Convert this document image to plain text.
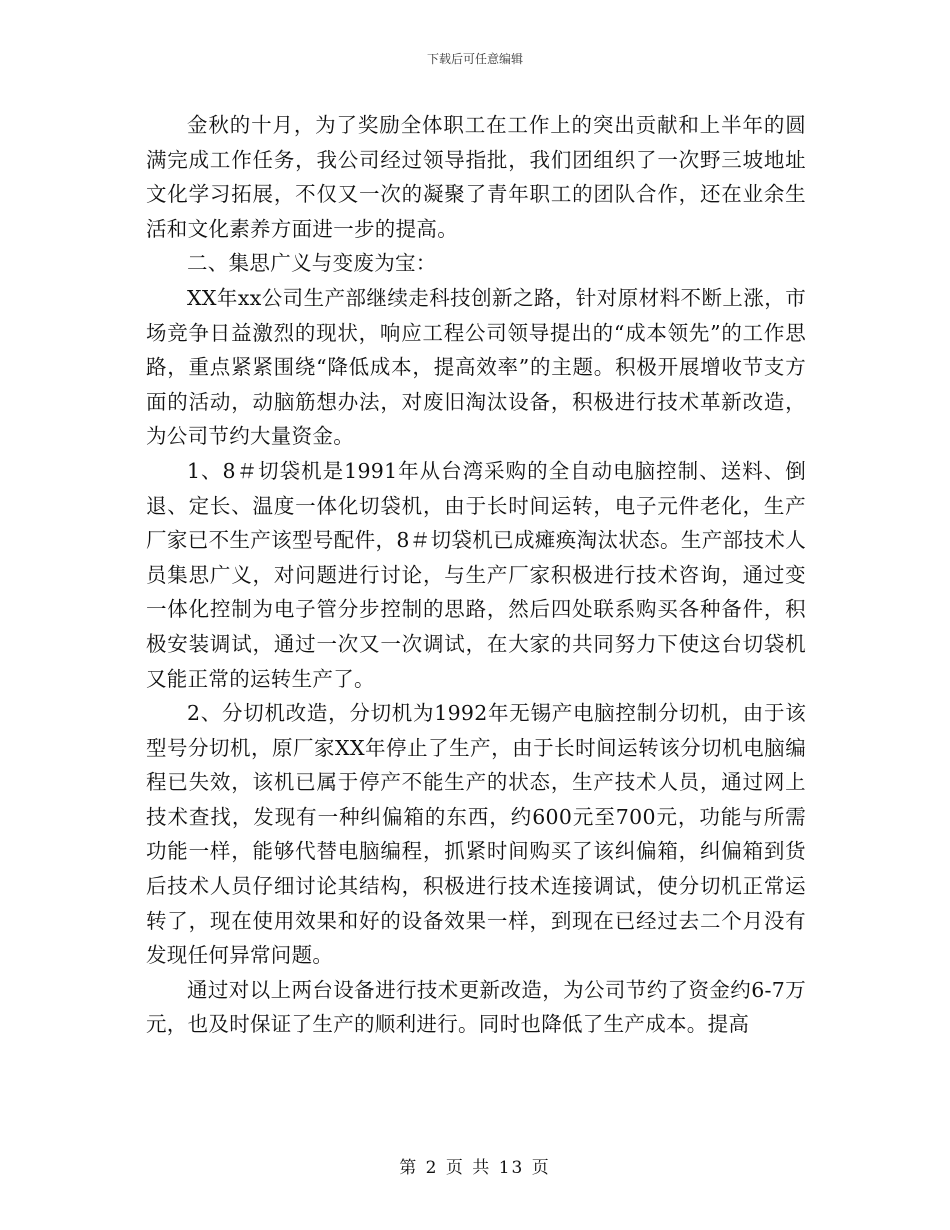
下载后可任意编辑

金秋的十月，为了奖励全体职工在工作上的突出贡献和上半年的圆满完成工作任务，我公司经过领导指批，我们团组织了一次野三坡地址文化学习拓展，不仅又一次的凝聚了青年职工的团队合作，还在业余生活和文化素养方面进一步的提高。

二、集思广义与变废为宝：

XX年xx公司生产部继续走科技创新之路，针对原材料不断上涨，市场竞争日益激烈的现状，响应工程公司领导提出的“成本领先”的工作思路，重点紧紧围绕“降低成本，提高效率”的主题。积极开展增收节支方面的活动，动脑筋想办法，对废旧淘汰设备，积极进行技术革新改造，为公司节约大量资金。

1、8＃切袋机是1991年从台湾采购的全自动电脑控制、送料、倒退、定长、温度一体化切袋机，由于长时间运转，电子元件老化，生产厂家已不生产该型号配件，8＃切袋机已成瘫痪淘汰状态。生产部技术人员集思广义，对问题进行讨论，与生产厂家积极进行技术咨询，通过变一体化控制为电子管分步控制的思路，然后四处联系购买各种备件，积极安装调试，通过一次又一次调试，在大家的共同努力下使这台切袋机又能正常的运转生产了。

2、分切机改造，分切机为1992年无锡产电脑控制分切机，由于该型号分切机，原厂家XX年停止了生产，由于长时间运转该分切机电脑编程已失效，该机已属于停产不能生产的状态，生产技术人员，通过网上技术查找，发现有一种纠偏箱的东西，约600元至700元，功能与所需功能一样，能够代替电脑编程，抓紧时间购买了该纠偏箱，纠偏箱到货后技术人员仔细讨论其结构，积极进行技术连接调试，使分切机正常运转了，现在使用效果和好的设备效果一样，到现在已经过去二个月没有发现任何异常问题。

通过对以上两台设备进行技术更新改造，为公司节约了资金约6-7万元，也及时保证了生产的顺利进行。同时也降低了生产成本。提高

第 2 页 共 13 页
